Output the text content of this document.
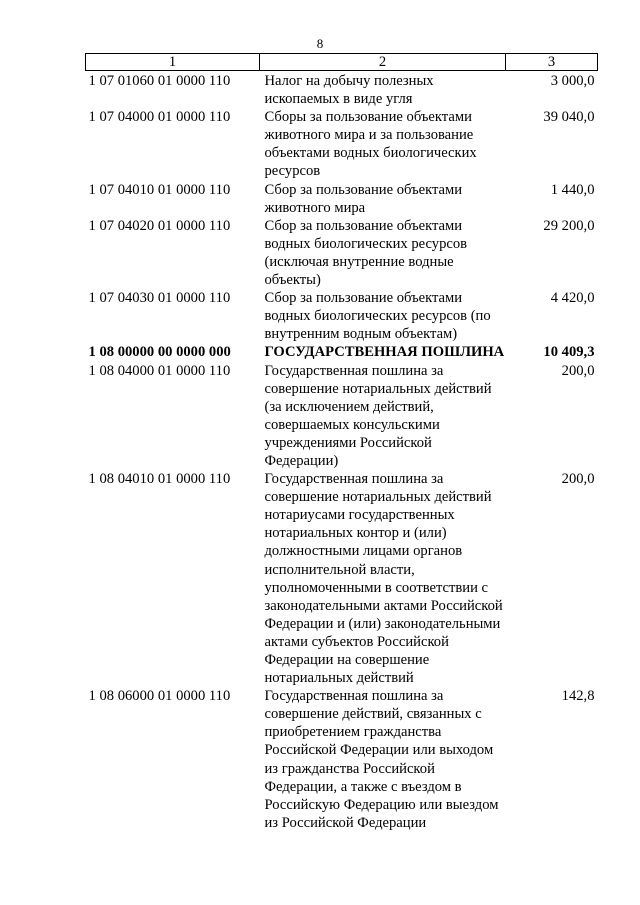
8
1	2	3
1 07 01060 01 0000 110	Налог на добычу полезных ископаемых в виде угля	3 000,0
1 07 04000 01 0000 110	Сборы за пользование объектами животного мира и за пользование объектами водных биологических ресурсов	39 040,0
1 07 04010 01 0000 110	Сбор за пользование объектами животного мира	1 440,0
1 07 04020 01 0000 110	Сбор за пользование объектами водных биологических ресурсов (исключая внутренние водные объекты)	29 200,0
1 07 04030 01 0000 110	Сбор за пользование объектами водных биологических ресурсов (по внутренним водным объектам)	4 420,0
1 08 00000 00 0000 000	ГОСУДАРСТВЕННАЯ ПОШЛИНА	10 409,3
1 08 04000 01 0000 110	Государственная пошлина за совершение нотариальных действий (за исключением действий, совершаемых консульскими учреждениями Российской Федерации)	200,0
1 08 04010 01 0000 110	Государственная пошлина за совершение нотариальных действий нотариусами государственных нотариальных контор и (или) должностными лицами органов исполнительной власти, уполномоченными в соответствии с законодательными актами Российской Федерации и (или) законодательными актами субъектов Российской Федерации на совершение нотариальных действий	200,0
1 08 06000 01 0000 110	Государственная пошлина за совершение действий, связанных с приобретением гражданства Российской Федерации или выходом из гражданства Российской Федерации, а также с въездом в Российскую Федерацию или выездом из Российской Федерации	142,8
